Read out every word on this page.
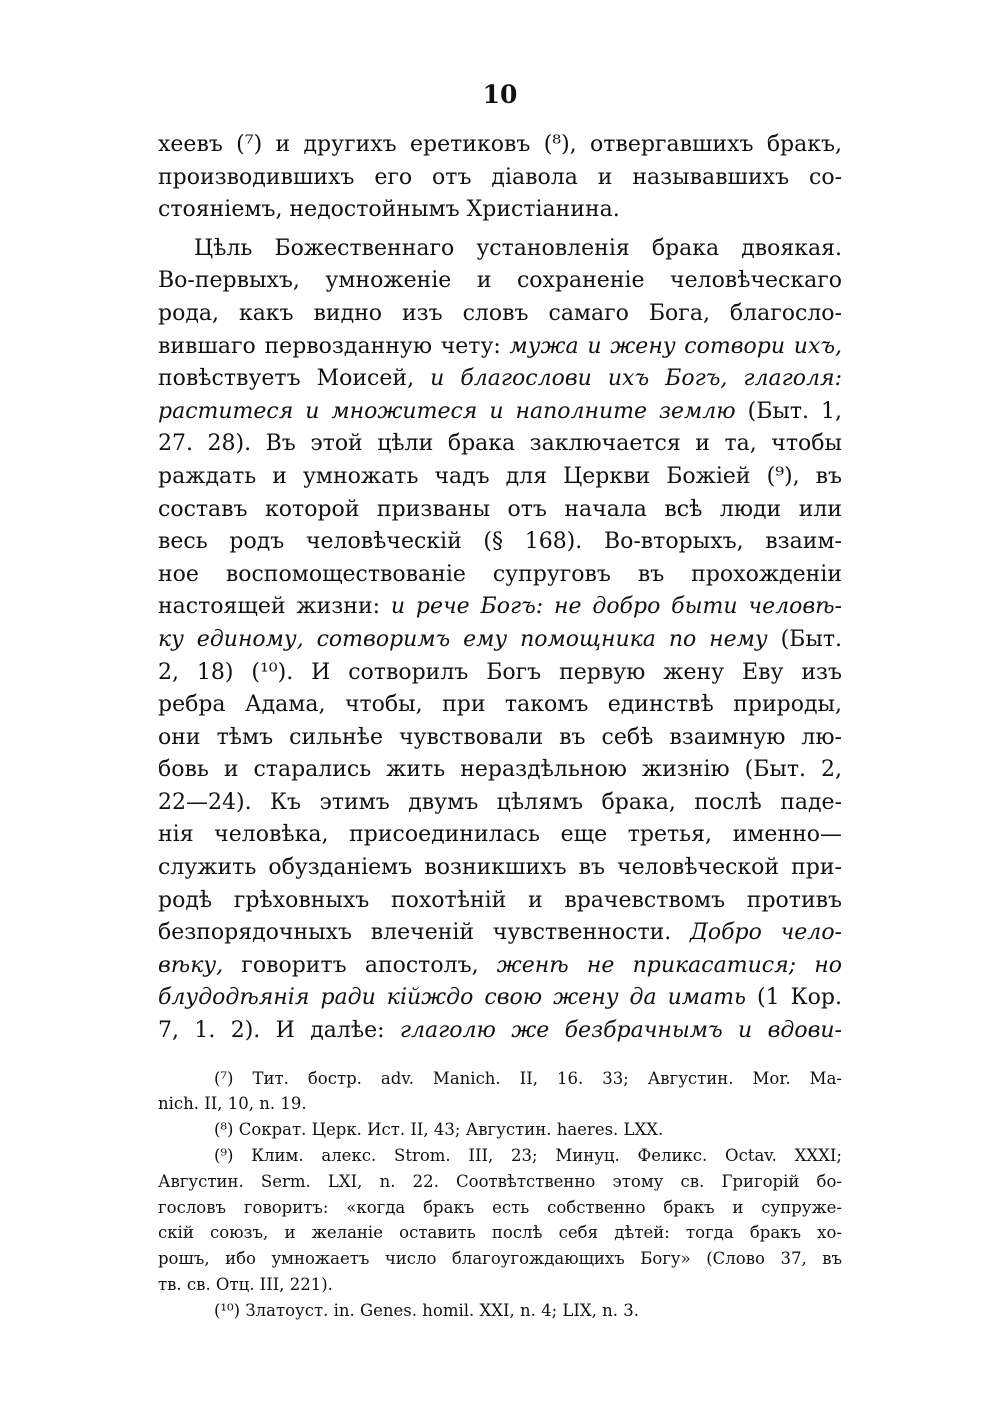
10
хеевъ (⁷) и другихъ еретиковъ (⁸), отвергавшихъ бракъ,
производившихъ его отъ діавола и называвшихъ со-
стояніемъ, недостойнымъ Христіанина.
Цѣль Божественнаго установленія брака двоякая.
Во-первыхъ, умноженіе и сохраненіе человѣческаго
рода, какъ видно изъ словъ самаго Бога, благосло-
вившаго первозданную чету: мужа и жену сотвори ихъ,
повѣствуетъ Моисей, и благослови ихъ Богъ, глаголя:
раститеся и множитеся и наполните землю (Быт. 1,
27. 28). Въ этой цѣли брака заключается и та, чтобы
раждать и умножать чадъ для Церкви Божіей (⁹), въ
составъ которой призваны отъ начала всѣ люди или
весь родъ человѣческій (§ 168). Во-вторыхъ, взаим-
ное воспомоществованіе супруговъ въ прохожденіи
настоящей жизни: и рече Богъ: не добро быти человѣ-
ку единому, сотворимъ ему помощника по нему (Быт.
2, 18) (¹⁰). И сотворилъ Богъ первую жену Еву изъ
ребра Адама, чтобы, при такомъ единствѣ природы,
они тѣмъ сильнѣе чувствовали въ себѣ взаимную лю-
бовь и старались жить нераздѣльною жизнію (Быт. 2,
22—24). Къ этимъ двумъ цѣлямъ брака, послѣ паде-
нія человѣка, присоединилась еще третья, именно—
служить обузданіемъ возникшихъ въ человѣческой при-
родѣ грѣховныхъ похотѣній и врачевствомъ противъ
безпорядочныхъ влеченій чувственности. Добро чело-
вѣку, говоритъ апостолъ, женѣ не прикасатися; но
блудодѣянія ради кійждо свою жену да имать (1 Кор.
7, 1. 2). И далѣе: глаголю же безбрачнымъ и вдови-
(⁷) Тит. бостр. adv. Manich. II, 16. 33; Августин. Mor. Ma-
nich. II, 10, n. 19.
(⁸) Сократ. Церк. Ист. II, 43; Августин. haeres. LXX.
(⁹) Клим. алекс. Strom. III, 23; Минуц. Феликс. Octav. XXXI;
Августин. Serm. LXI, n. 22. Соотвѣтственно этому св. Григорій бо-
гословъ говоритъ: «когда бракъ есть собственно бракъ и супруже-
скій союзъ, и желаніе оставить послѣ себя дѣтей: тогда бракъ хо-
рошъ, ибо умножаетъ число благоугождающихъ Богу» (Слово 37, въ
тв. св. Отц. III, 221).
(¹⁰) Златоуст. in. Genes. homil. XXI, n. 4; LIX, n. 3.
